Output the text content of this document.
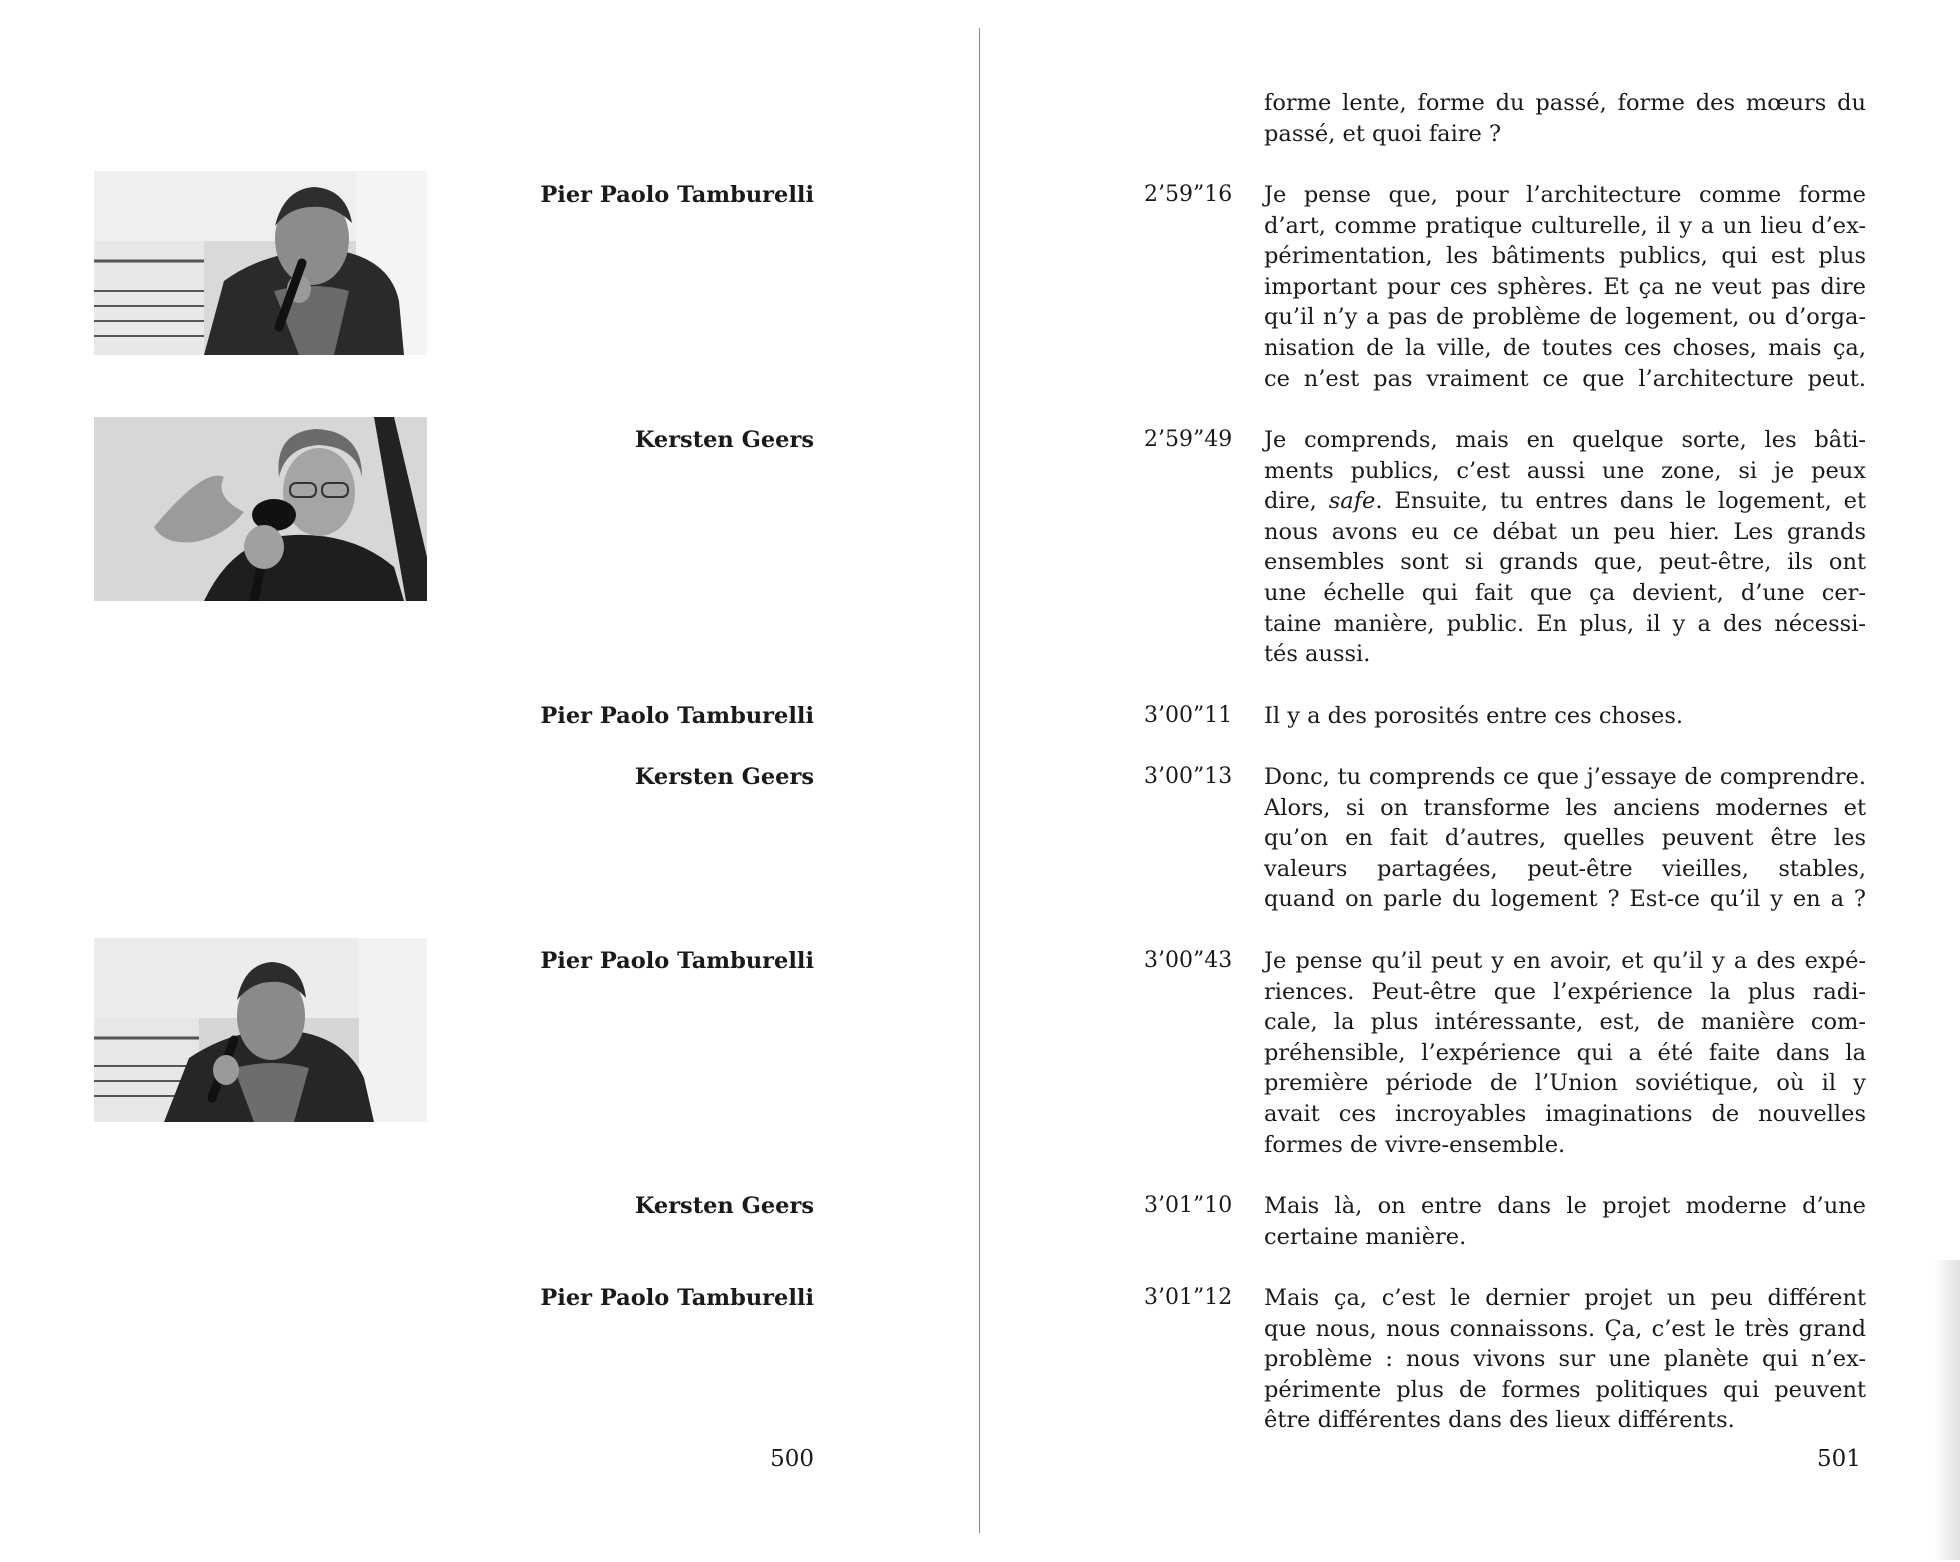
Pier Paolo Tamburelli
Kersten Geers
Pier Paolo Tamburelli
Kersten Geers
Pier Paolo Tamburelli
Kersten Geers
Pier Paolo Tamburelli
500
forme lente, forme du passé, forme des mœurs du
passé, et quoi faire ?
2’59”16 Je pense que, pour l’architecture comme forme
d’art, comme pratique culturelle, il y a un lieu d’ex-
périmentation, les bâtiments publics, qui est plus
important pour ces sphères. Et ça ne veut pas dire
qu’il n’y a pas de problème de logement, ou d’orga-
nisation de la ville, de toutes ces choses, mais ça,
ce n’est pas vraiment ce que l’architecture peut.
2’59”49 Je comprends, mais en quelque sorte, les bâti-
ments publics, c’est aussi une zone, si je peux
dire, safe. Ensuite, tu entres dans le logement, et
nous avons eu ce débat un peu hier. Les grands
ensembles sont si grands que, peut-être, ils ont
une échelle qui fait que ça devient, d’une cer-
taine manière, public. En plus, il y a des nécessi-
tés aussi.
3’00”11 Il y a des porosités entre ces choses.
3’00”13 Donc, tu comprends ce que j’essaye de comprendre.
Alors, si on transforme les anciens modernes et
qu’on en fait d’autres, quelles peuvent être les
valeurs partagées, peut-être vieilles, stables,
quand on parle du logement ? Est-ce qu’il y en a ?
3’00”43 Je pense qu’il peut y en avoir, et qu’il y a des expé-
riences. Peut-être que l’expérience la plus radi-
cale, la plus intéressante, est, de manière com-
préhensible, l’expérience qui a été faite dans la
première période de l’Union soviétique, où il y
avait ces incroyables imaginations de nouvelles
formes de vivre-ensemble.
3’01”10 Mais là, on entre dans le projet moderne d’une
certaine manière.
3’01”12 Mais ça, c’est le dernier projet un peu différent
que nous, nous connaissons. Ça, c’est le très grand
problème : nous vivons sur une planète qui n’ex-
périmente plus de formes politiques qui peuvent
être différentes dans des lieux différents.
501
